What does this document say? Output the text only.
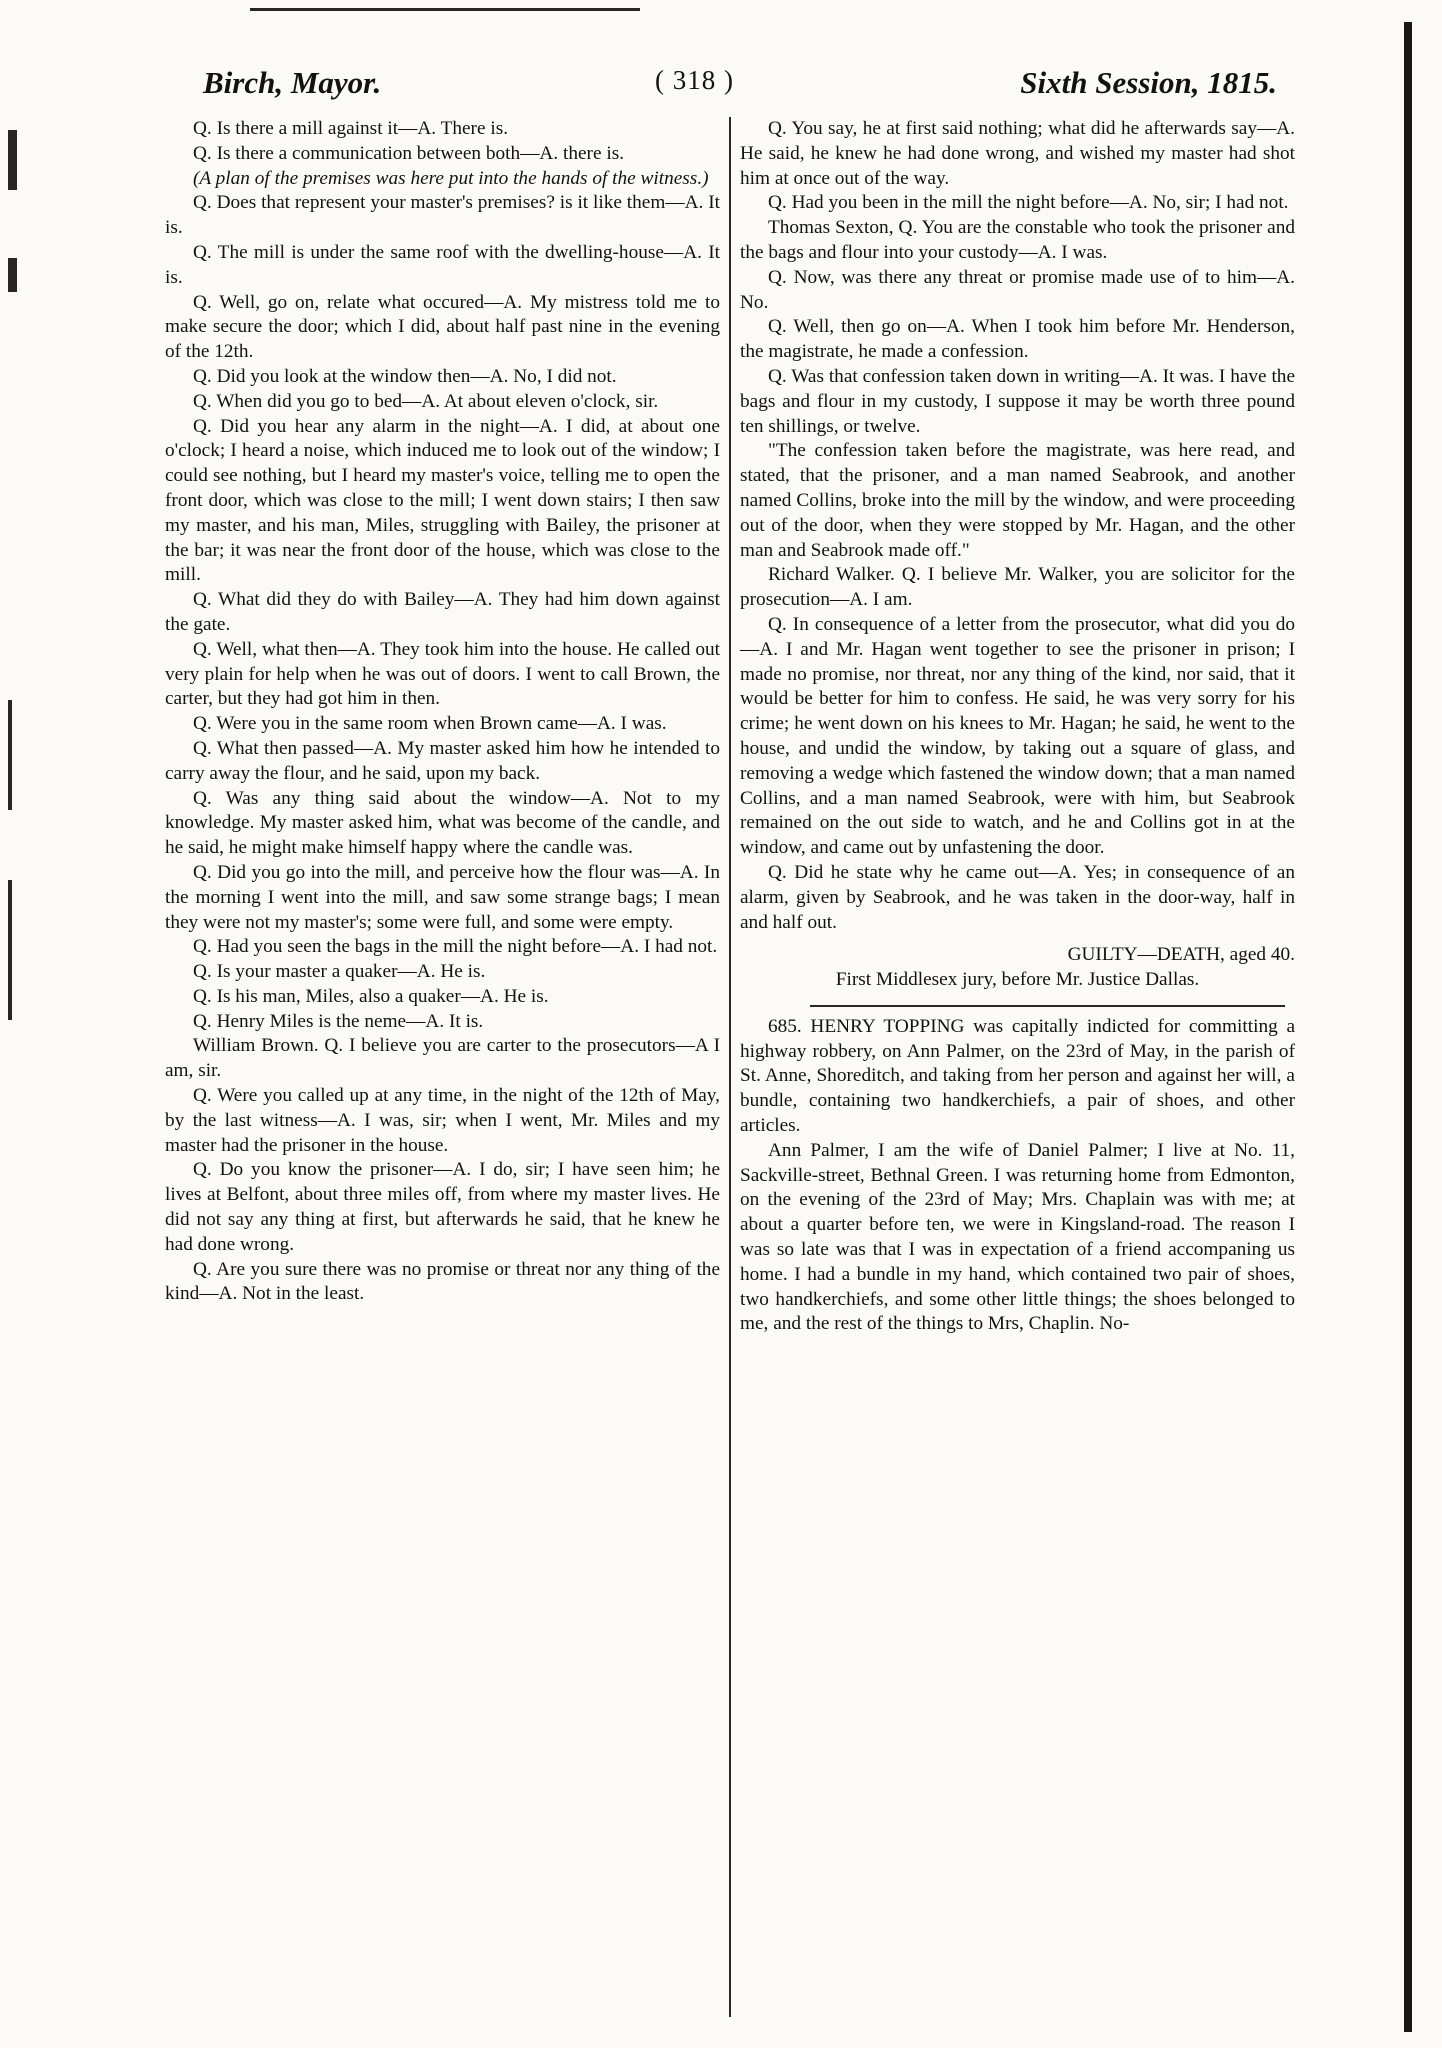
Birch, Mayor.	( 318 )	Sixth Session, 1815.

Q. Is there a mill against it—A. There is.

Q. Is there a communication between both—A. there is.

(A plan of the premises was here put into the hands of the witness.)

Q. Does that represent your master's premises? is it like them—A. It is.

Q. The mill is under the same roof with the dwelling-house—A. It is.

Q. Well, go on, relate what occured—A. My mistress told me to make secure the door; which I did, about half past nine in the evening of the 12th.

Q. Did you look at the window then—A. No, I did not.

Q. When did you go to bed—A. At about eleven o'clock, sir.

Q. Did you hear any alarm in the night—A. I did, at about one o'clock; I heard a noise, which induced me to look out of the window; I could see nothing, but I heard my master's voice, telling me to open the front door, which was close to the mill; I went down stairs; I then saw my master, and his man, Miles, struggling with Bailey, the prisoner at the bar; it was near the front door of the house, which was close to the mill.

Q. What did they do with Bailey—A. They had him down against the gate.

Q. Well, what then—A. They took him into the house. He called out very plain for help when he was out of doors. I went to call Brown, the carter, but they had got him in then.

Q. Were you in the same room when Brown came—A. I was.

Q. What then passed—A. My master asked him how he intended to carry away the flour, and he said, upon my back.

Q. Was any thing said about the window—A. Not to my knowledge. My master asked him, what was become of the candle, and he said, he might make himself happy where the candle was.

Q. Did you go into the mill, and perceive how the flour was—A. In the morning I went into the mill, and saw some strange bags; I mean they were not my master's; some were full, and some were empty.

Q. Had you seen the bags in the mill the night before—A. I had not.

Q. Is your master a quaker—A. He is.

Q. Is his man, Miles, also a quaker—A. He is.

Q. Henry Miles is the neme—A. It is.

William Brown. Q. I believe you are carter to the prosecutors—A I am, sir.

Q. Were you called up at any time, in the night of the 12th of May, by the last witness—A. I was, sir; when I went, Mr. Miles and my master had the prisoner in the house.

Q. Do you know the prisoner—A. I do, sir; I have seen him; he lives at Belfont, about three miles off, from where my master lives. He did not say any thing at first, but afterwards he said, that he knew he had done wrong.

Q. Are you sure there was no promise or threat nor any thing of the kind—A. Not in the least.

Q. You say, he at first said nothing; what did he afterwards say—A. He said, he knew he had done wrong, and wished my master had shot him at once out of the way.

Q. Had you been in the mill the night before—A. No, sir; I had not.

Thomas Sexton, Q. You are the constable who took the prisoner and the bags and flour into your custody—A. I was.

Q. Now, was there any threat or promise made use of to him—A. No.

Q. Well, then go on—A. When I took him before Mr. Henderson, the magistrate, he made a confession.

Q. Was that confession taken down in writing—A. It was. I have the bags and flour in my custody, I suppose it may be worth three pound ten shillings, or twelve.

"The confession taken before the magistrate, was here read, and stated, that the prisoner, and a man named Seabrook, and another named Collins, broke into the mill by the window, and were proceeding out of the door, when they were stopped by Mr. Hagan, and the other man and Seabrook made off."

Richard Walker. Q. I believe Mr. Walker, you are solicitor for the prosecution—A. I am.

Q. In consequence of a letter from the prosecutor, what did you do—A. I and Mr. Hagan went together to see the prisoner in prison; I made no promise, nor threat, nor any thing of the kind, nor said, that it would be better for him to confess. He said, he was very sorry for his crime; he went down on his knees to Mr. Hagan; he said, he went to the house, and undid the window, by taking out a square of glass, and removing a wedge which fastened the window down; that a man named Collins, and a man named Seabrook, were with him, but Seabrook remained on the out side to watch, and he and Collins got in at the window, and came out by unfastening the door.

Q. Did he state why he came out—A. Yes; in consequence of an alarm, given by Seabrook, and he was taken in the door-way, half in and half out.

GUILTY—DEATH, aged 40.

First Middlesex jury, before Mr. Justice Dallas.

685. HENRY TOPPING was capitally indicted for committing a highway robbery, on Ann Palmer, on the 23rd of May, in the parish of St. Anne, Shoreditch, and taking from her person and against her will, a bundle, containing two handkerchiefs, a pair of shoes, and other articles.

Ann Palmer, I am the wife of Daniel Palmer; I live at No. 11, Sackville-street, Bethnal Green. I was returning home from Edmonton, on the evening of the 23rd of May; Mrs. Chaplain was with me; at about a quarter before ten, we were in Kingsland-road. The reason I was so late was that I was in expectation of a friend accompaning us home. I had a bundle in my hand, which contained two pair of shoes, two handkerchiefs, and some other little things; the shoes belonged to me, and the rest of the things to Mrs, Chaplin. No-
